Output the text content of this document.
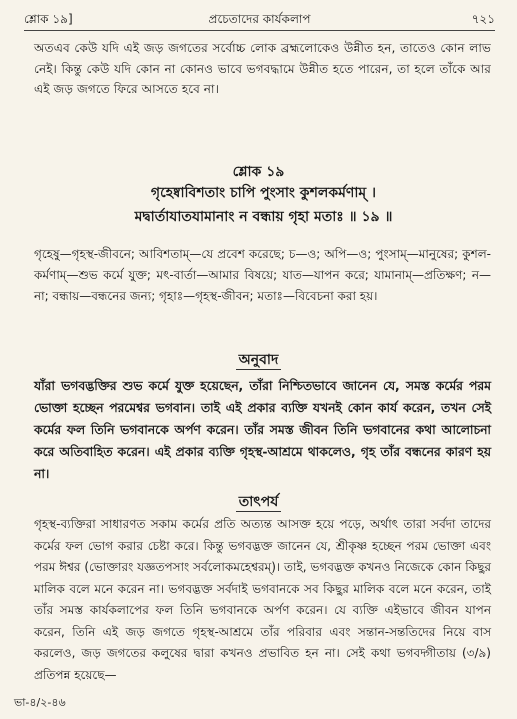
শ্লোক ১৯]	প্রচেতাদের কার্যকলাপ	৭২১

অতএব কেউ যদি এই জড় জগতের সর্বোচ্চ লোক ব্রহ্মলোকেও উন্নীত হন, তাতেও কোন লাভ নেই। কিন্তু কেউ যদি কোন না কোনও ভাবে ভগবদ্ধামে উন্নীত হতে পারেন, তা হলে তাঁকে আর এই জড় জগতে ফিরে আসতে হবে না।

শ্লোক ১৯
গৃহেষ্বাবিশতাং চাপি পুংসাং কুশলকর্মণাম্ ।
মদ্বার্তাযাতযামানাং ন বন্ধায় গৃহা মতাঃ ॥ ১৯ ॥
গৃহেষু—গৃহস্থ-জীবনে; আবিশতাম্—যে প্রবেশ করেছে; চ—ও; অপি—ও; পুংসাম্—মানুষের; কুশল-কর্মণাম্—শুভ কর্মে যুক্ত; মৎ-বার্তা—আমার বিষয়ে; যাত—যাপন করে; যামানাম্—প্রতিক্ষণ; ন—না; বন্ধায়—বন্ধনের জন্য; গৃহাঃ—গৃহস্থ-জীবন; মতাঃ—বিবেচনা করা হয়।
অনুবাদ
যাঁরা ভগবদ্ভক্তির শুভ কর্মে যুক্ত হয়েছেন, তাঁরা নিশ্চিতভাবে জানেন যে, সমস্ত কর্মের পরম ভোক্তা হচ্ছেন পরমেশ্বর ভগবান। তাই এই প্রকার ব্যক্তি যখনই কোন কার্য করেন, তখন সেই কর্মের ফল তিনি ভগবানকে অর্পণ করেন। তাঁর সমস্ত জীবন তিনি ভগবানের কথা আলোচনা করে অতিবাহিত করেন। এই প্রকার ব্যক্তি গৃহস্থ-আশ্রমে থাকলেও, গৃহ তাঁর বন্ধনের কারণ হয় না।
তাৎপর্য
গৃহস্থ-ব্যক্তিরা সাধারণত সকাম কর্মের প্রতি অত্যন্ত আসক্ত হয়ে পড়ে, অর্থাৎ তারা সর্বদা তাদের কর্মের ফল ভোগ করার চেষ্টা করে। কিন্তু ভগবদ্ভক্ত জানেন যে, শ্রীকৃষ্ণ হচ্ছেন পরম ভোক্তা এবং পরম ঈশ্বর (ভোক্তারং যজ্ঞতপসাং সর্বলোকমহেশ্বরম্)। তাই, ভগবদ্ভক্ত কখনও নিজেকে কোন কিছুর মালিক বলে মনে করেন না। ভগবদ্ভক্ত সর্বদাই ভগবানকে সব কিছুর মালিক বলে মনে করেন, তাই তাঁর সমস্ত কার্যকলাপের ফল তিনি ভগবানকে অর্পণ করেন। যে ব্যক্তি এইভাবে জীবন যাপন করেন, তিনি এই জড় জগতে গৃহস্থ-আশ্রমে তাঁর পরিবার এবং সন্তান-সন্ততিদের নিয়ে বাস করলেও, জড় জগতের কলুষের দ্বারা কখনও প্রভাবিত হন না। সেই কথা ভগবদ্গীতায় (৩/৯) প্রতিপন্ন হয়েছে—
ভা-৪/২-৪৬
